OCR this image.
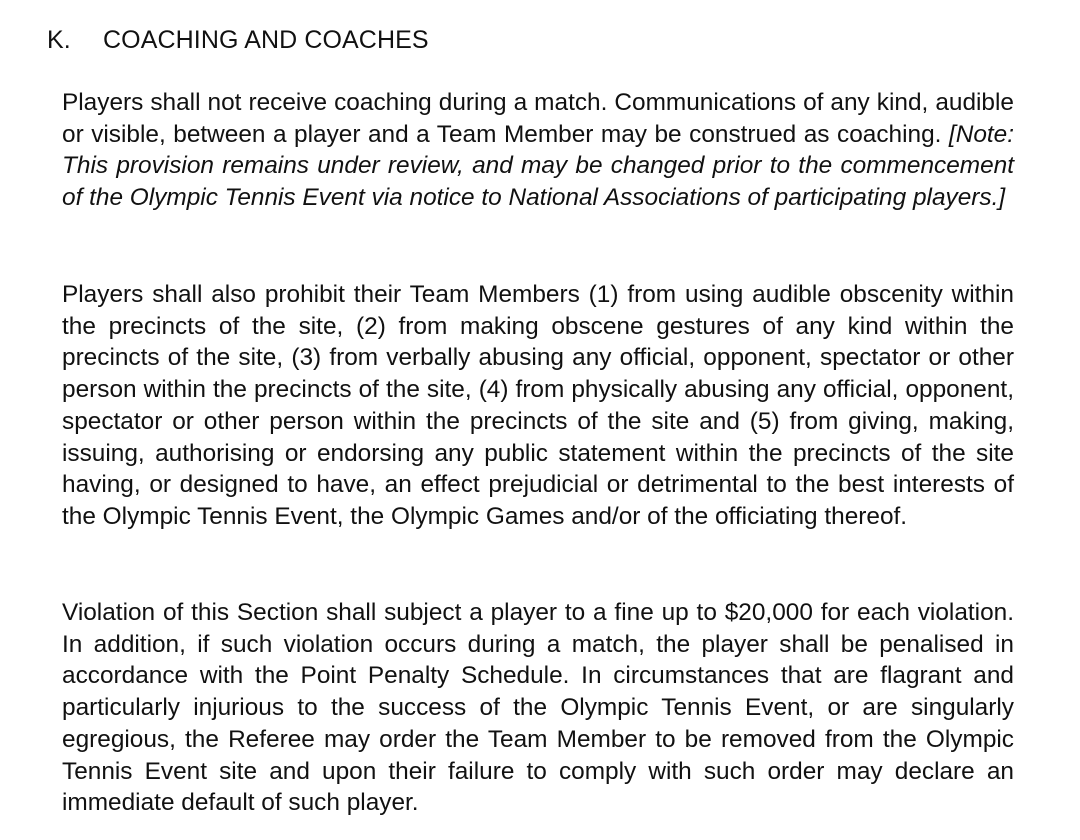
K. COACHING AND COACHES

Players shall not receive coaching during a match. Communications of any kind, audible or visible, between a player and a Team Member may be construed as coaching. [Note: This provision remains under review, and may be changed prior to the commencement of the Olympic Tennis Event via notice to National Associations of participating players.]

Players shall also prohibit their Team Members (1) from using audible obscenity within the precincts of the site, (2) from making obscene gestures of any kind within the precincts of the site, (3) from verbally abusing any official, opponent, spectator or other person within the precincts of the site, (4) from physically abusing any official, opponent, spectator or other person within the precincts of the site and (5) from giving, making, issuing, authorising or endorsing any public statement within the precincts of the site having, or designed to have, an effect prejudicial or detrimental to the best interests of the Olympic Tennis Event, the Olympic Games and/or of the officiating thereof.

Violation of this Section shall subject a player to a fine up to $20,000 for each violation. In addition, if such violation occurs during a match, the player shall be penalised in accordance with the Point Penalty Schedule. In circumstances that are flagrant and particularly injurious to the success of the Olympic Tennis Event, or are singularly egregious, the Referee may order the Team Member to be removed from the Olympic Tennis Event site and upon their failure to comply with such order may declare an immediate default of such player.
